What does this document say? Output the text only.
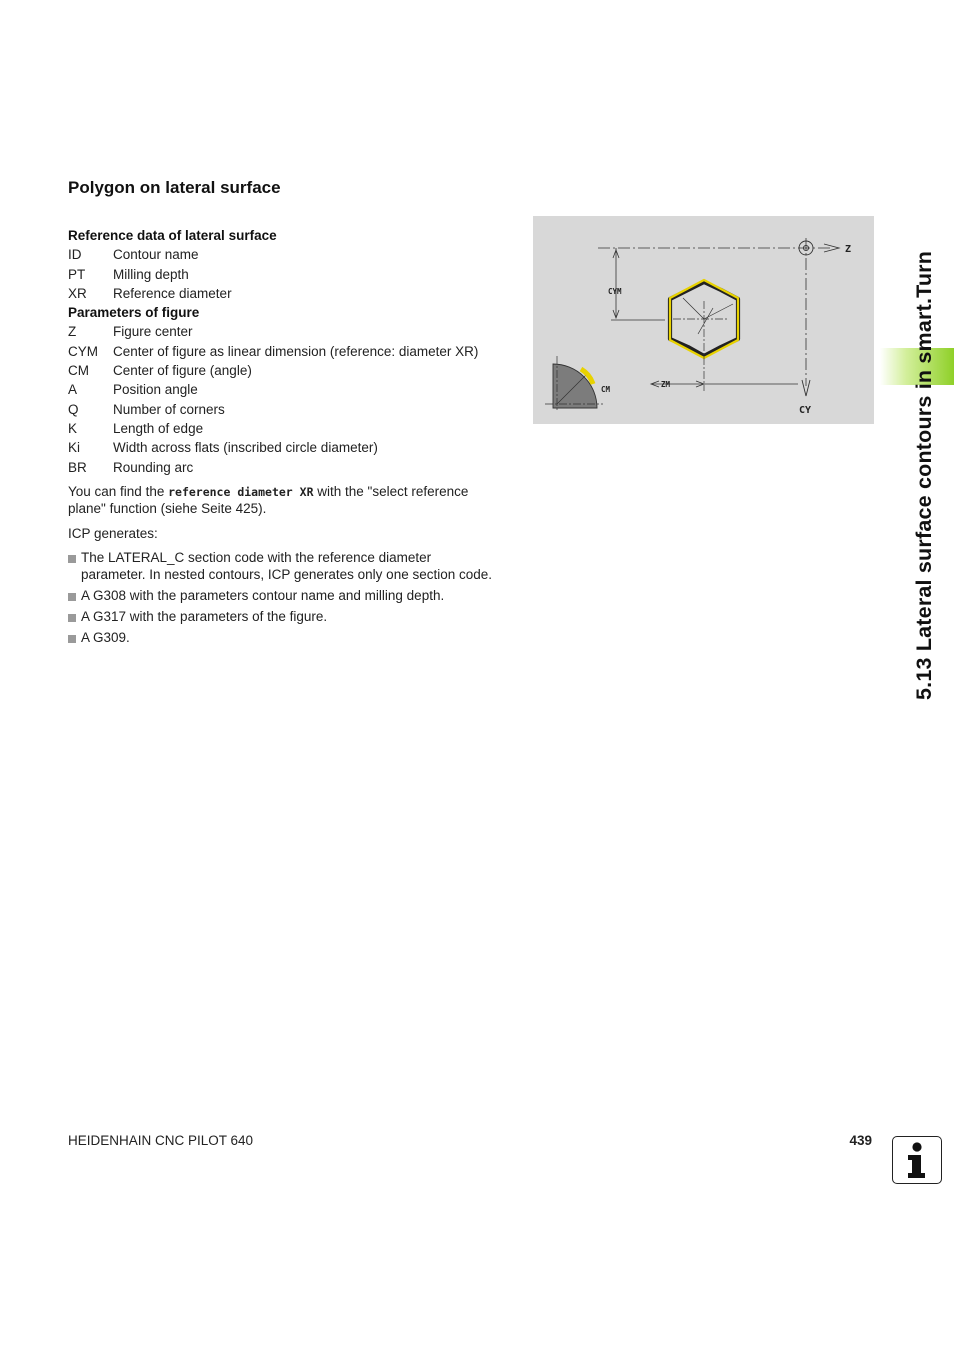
Polygon on lateral surface
Reference data of lateral surface
ID	Contour name
PT	Milling depth
XR	Reference diameter
Parameters of figure
Z	Figure center
CYM	Center of figure as linear dimension (reference: diameter XR)
CM	Center of figure (angle)
A	Position angle
Q	Number of corners
K	Length of edge
Ki	Width across flats (inscribed circle diameter)
BR	Rounding arc

You can find the reference diameter XR with the "select reference plane" function (siehe Seite 425).

ICP generates:

The LATERAL_C section code with the reference diameter parameter. In nested contours, ICP generates only one section code.
A G308 with the parameters contour name and milling depth.
A G317 with the parameters of the figure.
A G309.
Z
CY
CYM
ZM
CM	5.13 Lateral surface contours in smart.Turn
HEIDENHAIN CNC PILOT 640	439
